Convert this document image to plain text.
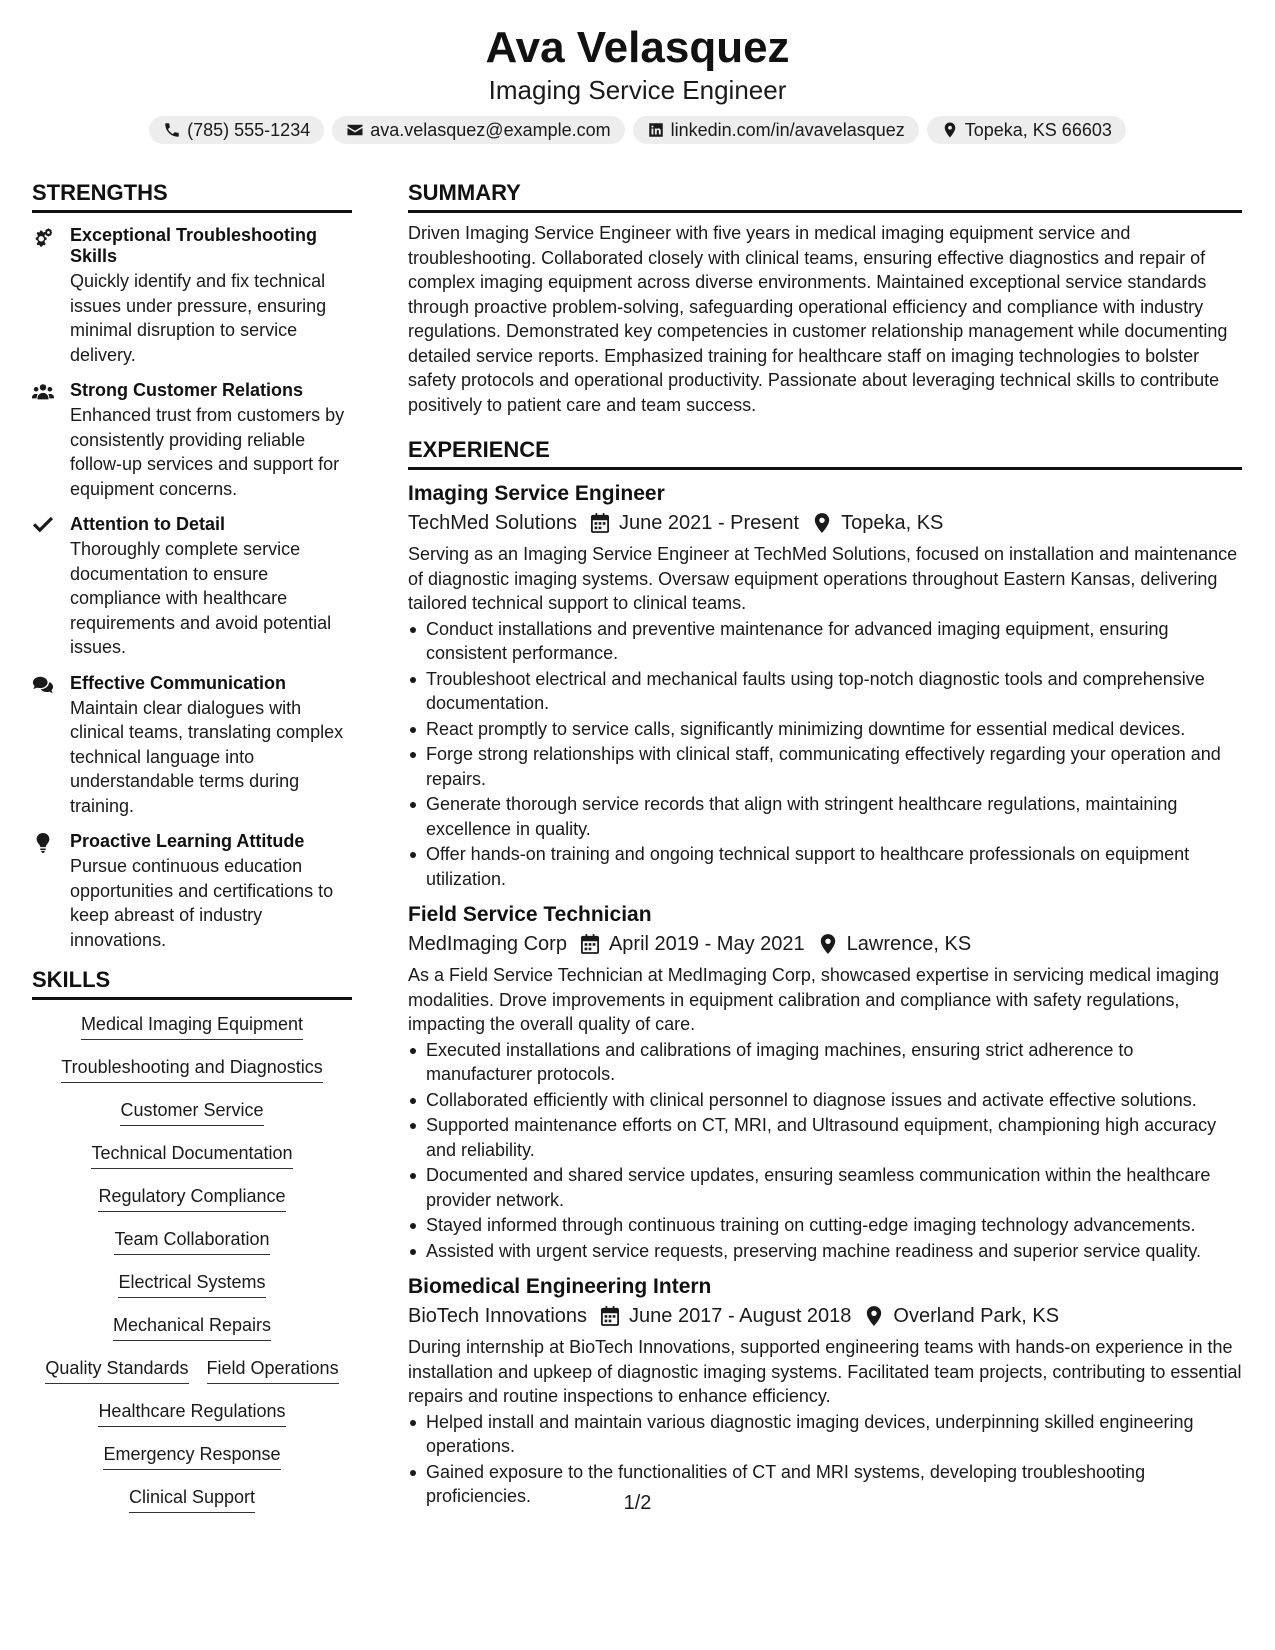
Ava Velasquez
Imaging Service Engineer
(785) 555-1234	ava.velasquez@example.com	linkedin.com/in/avavelasquez	Topeka, KS 66603
STRENGTHS
Exceptional Troubleshooting Skills
Quickly identify and fix technical issues under pressure, ensuring minimal disruption to service delivery.
Strong Customer Relations
Enhanced trust from customers by consistently providing reliable follow-up services and support for equipment concerns.
Attention to Detail
Thoroughly complete service documentation to ensure compliance with healthcare requirements and avoid potential issues.
Effective Communication
Maintain clear dialogues with clinical teams, translating complex technical language into understandable terms during training.
Proactive Learning Attitude
Pursue continuous education opportunities and certifications to keep abreast of industry innovations.
SKILLS
Medical Imaging Equipment
Troubleshooting and Diagnostics
Customer Service
Technical Documentation
Regulatory Compliance
Team Collaboration
Electrical Systems
Mechanical Repairs
Quality Standards Field Operations
Healthcare Regulations
Emergency Response
Clinical Support
SUMMARY
Driven Imaging Service Engineer with five years in medical imaging equipment service and troubleshooting. Collaborated closely with clinical teams, ensuring effective diagnostics and repair of complex imaging equipment across diverse environments. Maintained exceptional service standards through proactive problem-solving, safeguarding operational efficiency and compliance with industry regulations. Demonstrated key competencies in customer relationship management while documenting detailed service reports. Emphasized training for healthcare staff on imaging technologies to bolster safety protocols and operational productivity. Passionate about leveraging technical skills to contribute positively to patient care and team success.
EXPERIENCE
Imaging Service Engineer
TechMed Solutions June 2021 - Present Topeka, KS
Serving as an Imaging Service Engineer at TechMed Solutions, focused on installation and maintenance of diagnostic imaging systems. Oversaw equipment operations throughout Eastern Kansas, delivering tailored technical support to clinical teams.
Conduct installations and preventive maintenance for advanced imaging equipment, ensuring consistent performance.
Troubleshoot electrical and mechanical faults using top-notch diagnostic tools and comprehensive documentation.
React promptly to service calls, significantly minimizing downtime for essential medical devices.
Forge strong relationships with clinical staff, communicating effectively regarding your operation and repairs.
Generate thorough service records that align with stringent healthcare regulations, maintaining excellence in quality.
Offer hands-on training and ongoing technical support to healthcare professionals on equipment utilization.
Field Service Technician
MedImaging Corp April 2019 - May 2021 Lawrence, KS
As a Field Service Technician at MedImaging Corp, showcased expertise in servicing medical imaging modalities. Drove improvements in equipment calibration and compliance with safety regulations, impacting the overall quality of care.
Executed installations and calibrations of imaging machines, ensuring strict adherence to manufacturer protocols.
Collaborated efficiently with clinical personnel to diagnose issues and activate effective solutions.
Supported maintenance efforts on CT, MRI, and Ultrasound equipment, championing high accuracy and reliability.
Documented and shared service updates, ensuring seamless communication within the healthcare provider network.
Stayed informed through continuous training on cutting-edge imaging technology advancements.
Assisted with urgent service requests, preserving machine readiness and superior service quality.
Biomedical Engineering Intern
BioTech Innovations June 2017 - August 2018 Overland Park, KS
During internship at BioTech Innovations, supported engineering teams with hands-on experience in the installation and upkeep of diagnostic imaging systems. Facilitated team projects, contributing to essential repairs and routine inspections to enhance efficiency.
Helped install and maintain various diagnostic imaging devices, underpinning skilled engineering operations.
Gained exposure to the functionalities of CT and MRI systems, developing troubleshooting proficiencies.	1/2
